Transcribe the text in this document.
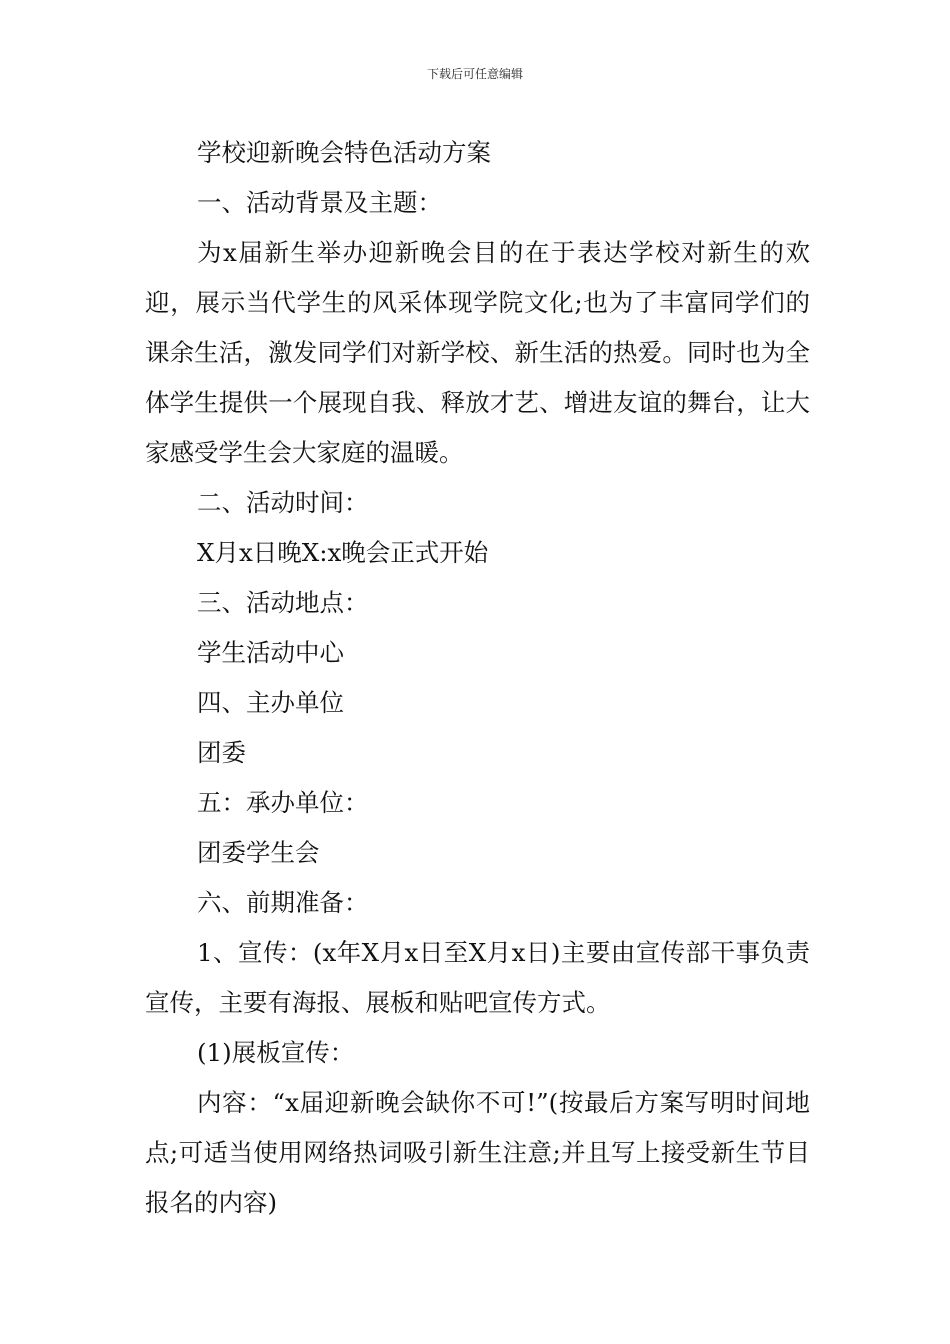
下载后可任意编辑

学校迎新晚会特色活动方案

一、活动背景及主题：

为x届新生举办迎新晚会目的在于表达学校对新生的欢迎，展示当代学生的风采体现学院文化;也为了丰富同学们的课余生活，激发同学们对新学校、新生活的热爱。同时也为全体学生提供一个展现自我、释放才艺、增进友谊的舞台，让大家感受学生会大家庭的温暖。

二、活动时间：

X月x日晚X:x晚会正式开始

三、活动地点：

学生活动中心

四、主办单位

团委

五：承办单位：

团委学生会

六、前期准备：

1、宣传：(x年X月x日至X月x日)主要由宣传部干事负责宣传，主要有海报、展板和贴吧宣传方式。

(1)展板宣传：

内容：“x届迎新晚会缺你不可!”(按最后方案写明时间地点;可适当使用网络热词吸引新生注意;并且写上接受新生节目报名的内容)
